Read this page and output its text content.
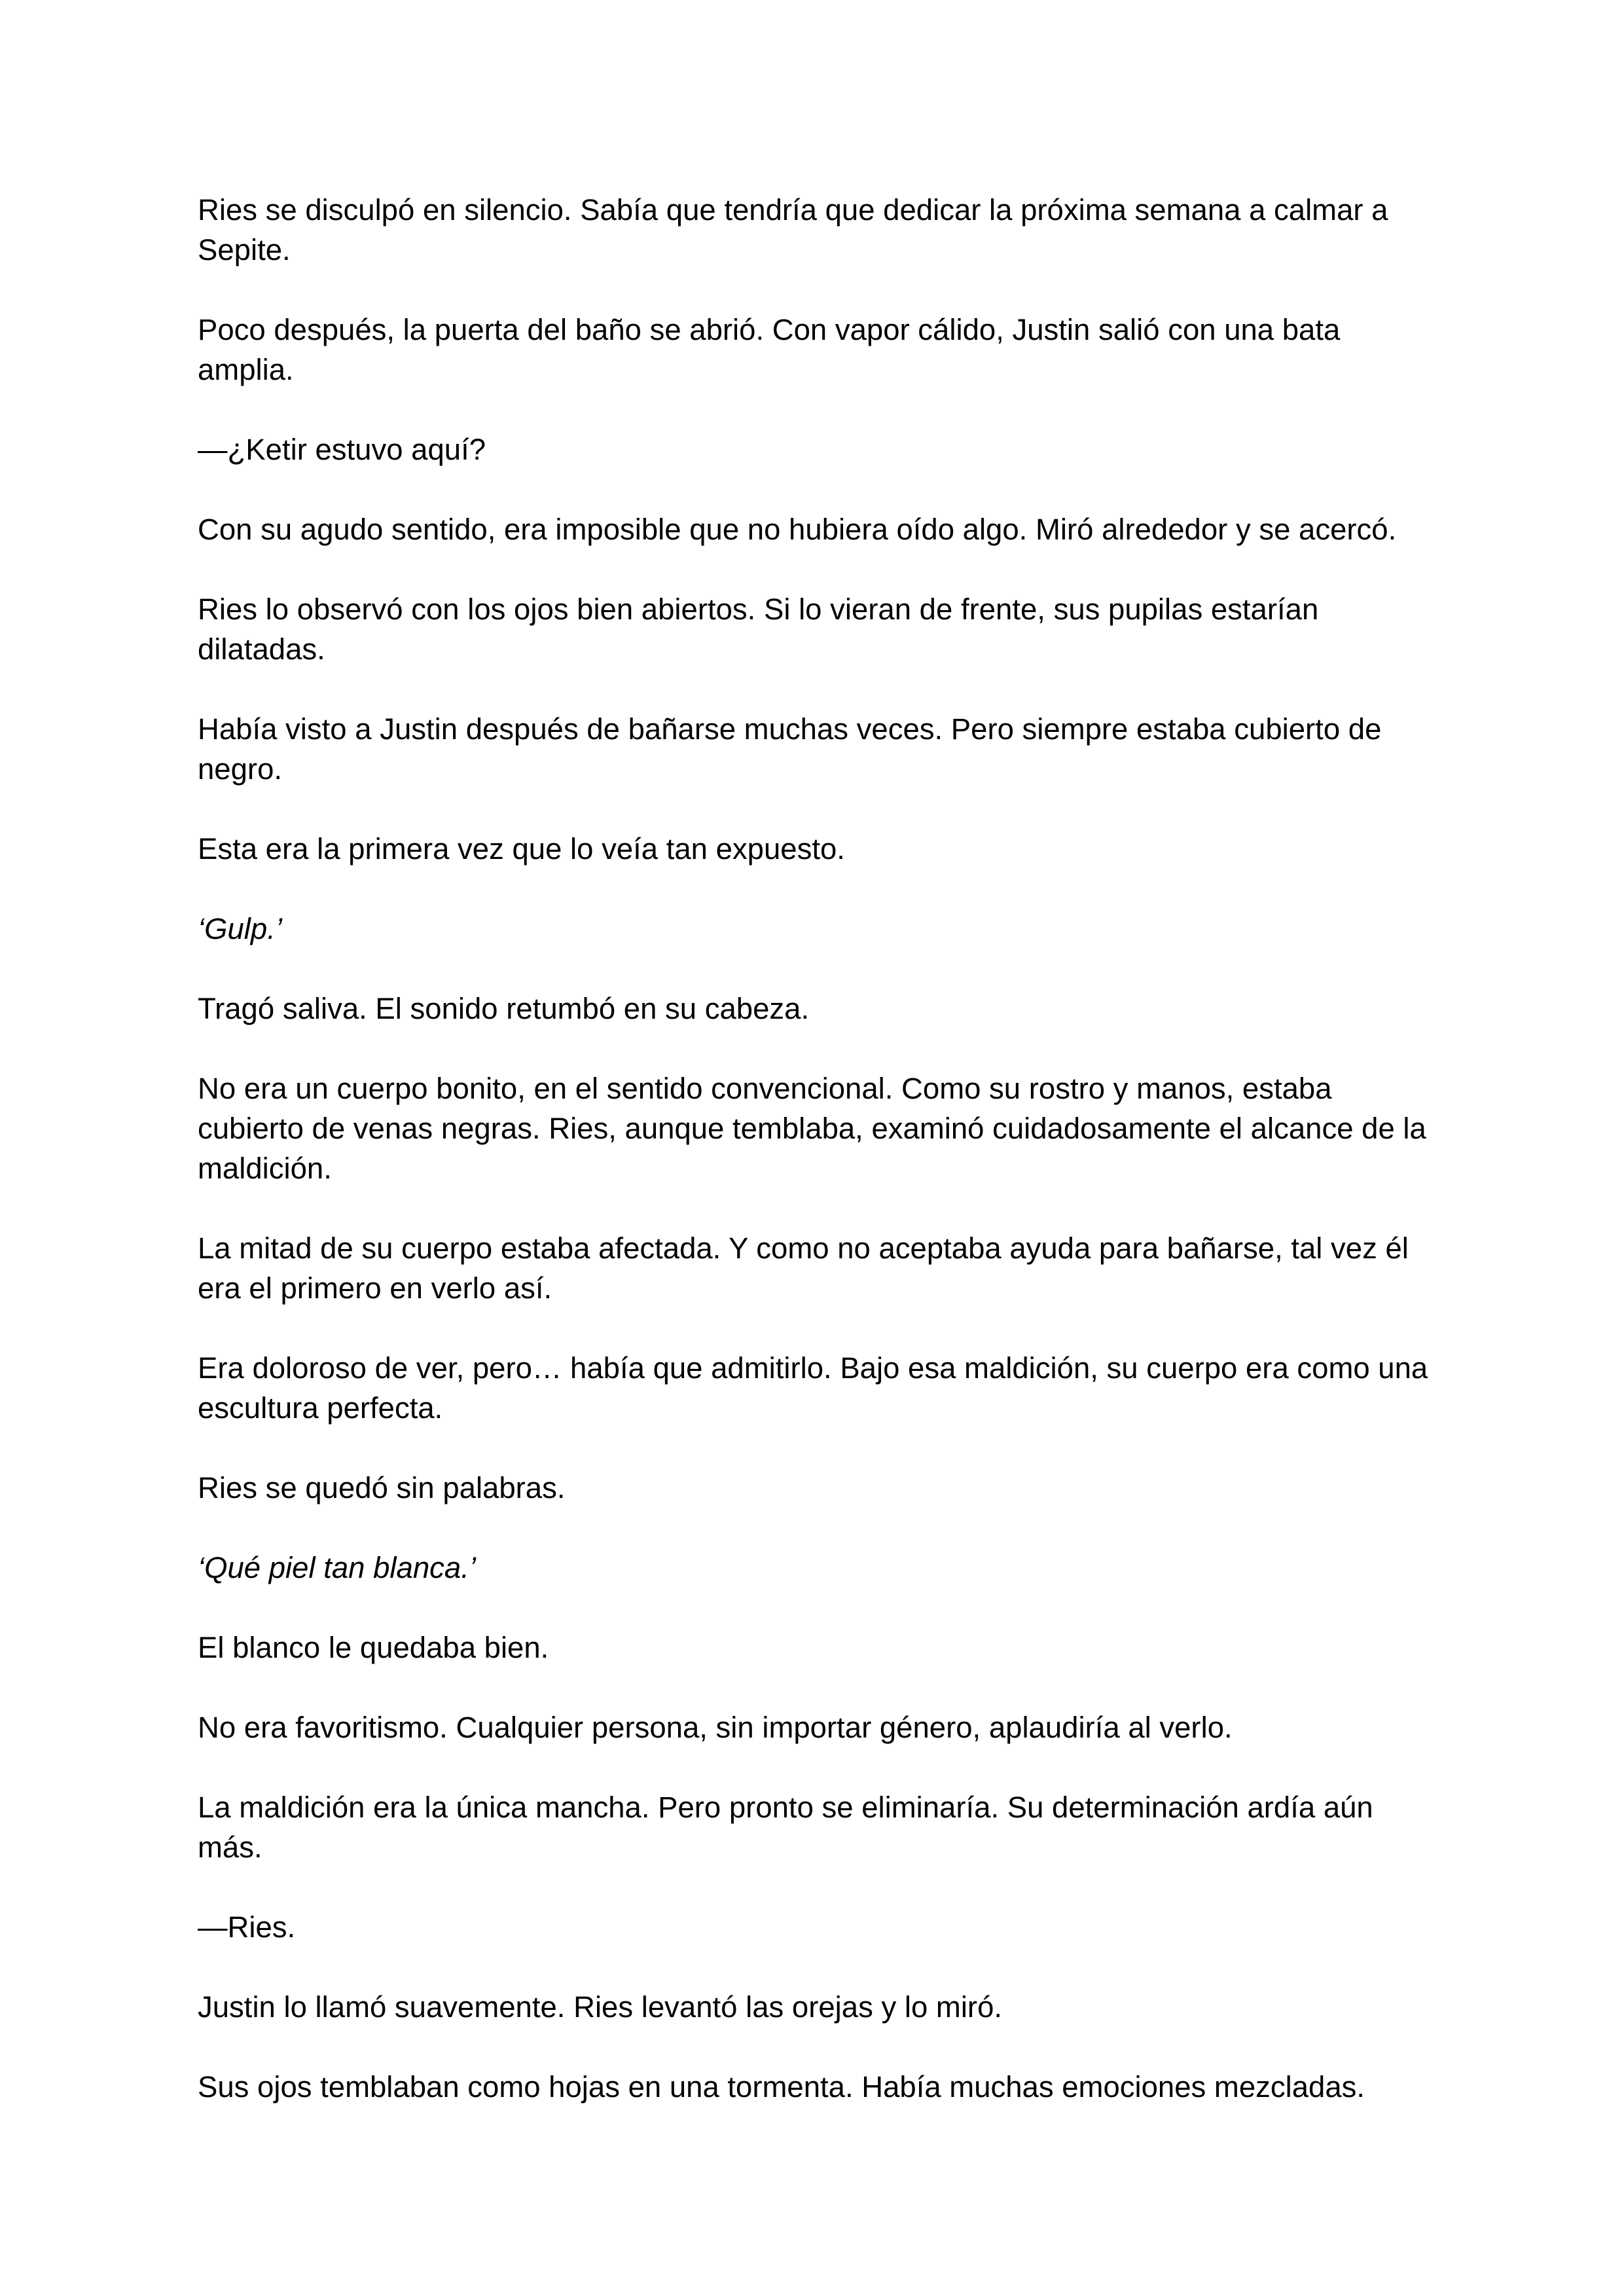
Ries se disculpó en silencio. Sabía que tendría que dedicar la próxima semana a calmar a Sepite.

Poco después, la puerta del baño se abrió. Con vapor cálido, Justin salió con una bata amplia.

—¿Ketir estuvo aquí?

Con su agudo sentido, era imposible que no hubiera oído algo. Miró alrededor y se acercó.

Ries lo observó con los ojos bien abiertos. Si lo vieran de frente, sus pupilas estarían dilatadas.

Había visto a Justin después de bañarse muchas veces. Pero siempre estaba cubierto de negro.

Esta era la primera vez que lo veía tan expuesto.

‘Gulp.’

Tragó saliva. El sonido retumbó en su cabeza.

No era un cuerpo bonito, en el sentido convencional. Como su rostro y manos, estaba cubierto de venas negras. Ries, aunque temblaba, examinó cuidadosamente el alcance de la maldición.

La mitad de su cuerpo estaba afectada. Y como no aceptaba ayuda para bañarse, tal vez él era el primero en verlo así.

Era doloroso de ver, pero… había que admitirlo. Bajo esa maldición, su cuerpo era como una escultura perfecta.

Ries se quedó sin palabras.

‘Qué piel tan blanca.’

El blanco le quedaba bien.

No era favoritismo. Cualquier persona, sin importar género, aplaudiría al verlo.

La maldición era la única mancha. Pero pronto se eliminaría. Su determinación ardía aún más.

—Ries.

Justin lo llamó suavemente. Ries levantó las orejas y lo miró.

Sus ojos temblaban como hojas en una tormenta. Había muchas emociones mezcladas.
